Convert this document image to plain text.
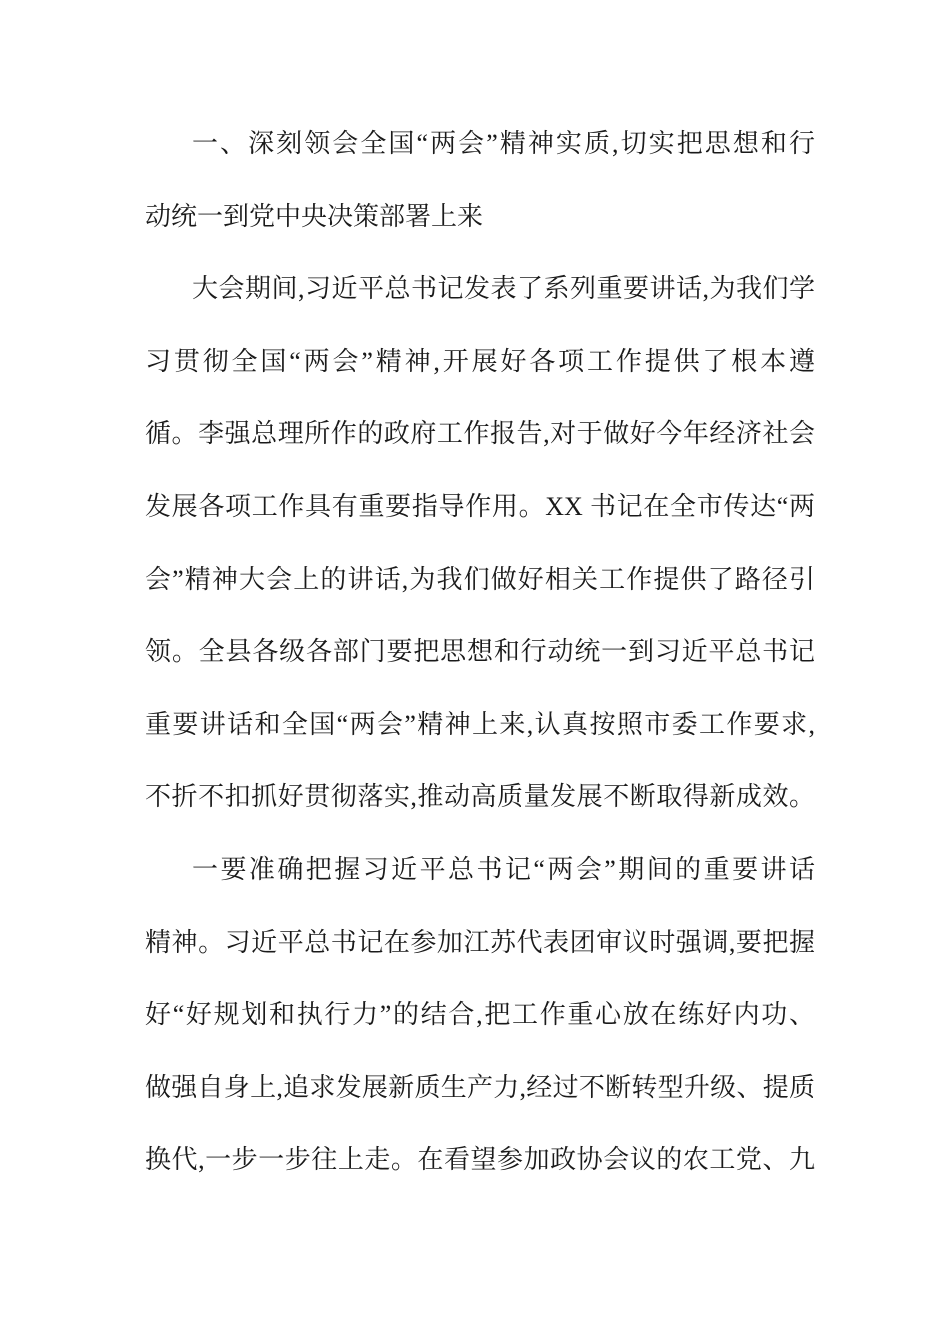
一、深刻领会全国“两会”精神实质,切实把思想和行
动统一到党中央决策部署上来
大会期间,习近平总书记发表了系列重要讲话,为我们学
习贯彻全国“两会”精神,开展好各项工作提供了根本遵
循。李强总理所作的政府工作报告,对于做好今年经济社会
发展各项工作具有重要指导作用。XX 书记在全市传达“两
会”精神大会上的讲话,为我们做好相关工作提供了路径引
领。全县各级各部门要把思想和行动统一到习近平总书记
重要讲话和全国“两会”精神上来,认真按照市委工作要求,
不折不扣抓好贯彻落实,推动高质量发展不断取得新成效。
一要准确把握习近平总书记“两会”期间的重要讲话
精神。习近平总书记在参加江苏代表团审议时强调,要把握
好“好规划和执行力”的结合,把工作重心放在练好内功、
做强自身上,追求发展新质生产力,经过不断转型升级、提质
换代,一步一步往上走。在看望参加政协会议的农工党、九
